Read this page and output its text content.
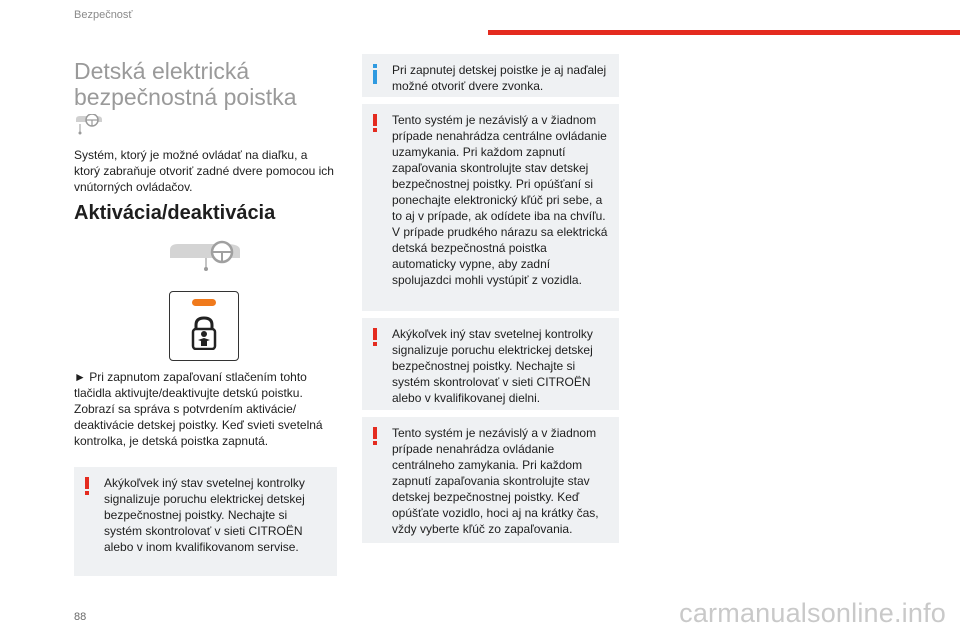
Bezpečnosť
Detská elektrická bezpečnostná poistka

Systém, ktorý je možné ovládať na diaľku, a ktorý zabraňuje otvoriť zadné dvere pomocou ich vnútorných ovládačov.

Aktivácia/deaktivácia

► Pri zapnutom zapaľovaní stlačením tohto tlačidla aktivujte/deaktivujte detskú poistku. Zobrazí sa správa s potvrdením aktivácie/ deaktivácie detskej poistky. Keď svieti svetelná kontrolka, je detská poistka zapnutá.

Akýkoľvek iný stav svetelnej kontrolky signalizuje poruchu elektrickej detskej bezpečnostnej poistky. Nechajte si systém skontrolovať v sieti CITROËN alebo v inom kvalifikovanom servise.

Pri zapnutej detskej poistke je aj naďalej možné otvoriť dvere zvonka.

Tento systém je nezávislý a v žiadnom prípade nenahrádza centrálne ovládanie uzamykania. Pri každom zapnutí zapaľovania skontrolujte stav detskej bezpečnostnej poistky. Pri opúšťaní si ponechajte elektronický kľúč pri sebe, a to aj v prípade, ak odídete iba na chvíľu. V prípade prudkého nárazu sa elektrická detská bezpečnostná poistka automaticky vypne, aby zadní spolujazdci mohli vystúpiť z vozidla.

Akýkoľvek iný stav svetelnej kontrolky signalizuje poruchu elektrickej detskej bezpečnostnej poistky. Nechajte si systém skontrolovať v sieti CITROËN alebo v kvalifikovanej dielni.

Tento systém je nezávislý a v žiadnom prípade nenahrádza ovládanie centrálneho zamykania. Pri každom zapnutí zapaľovania skontrolujte stav detskej bezpečnostnej poistky. Keď opúšťate vozidlo, hoci aj na krátky čas, vždy vyberte kľúč zo zapaľovania.

88	carmanualsonline.info
